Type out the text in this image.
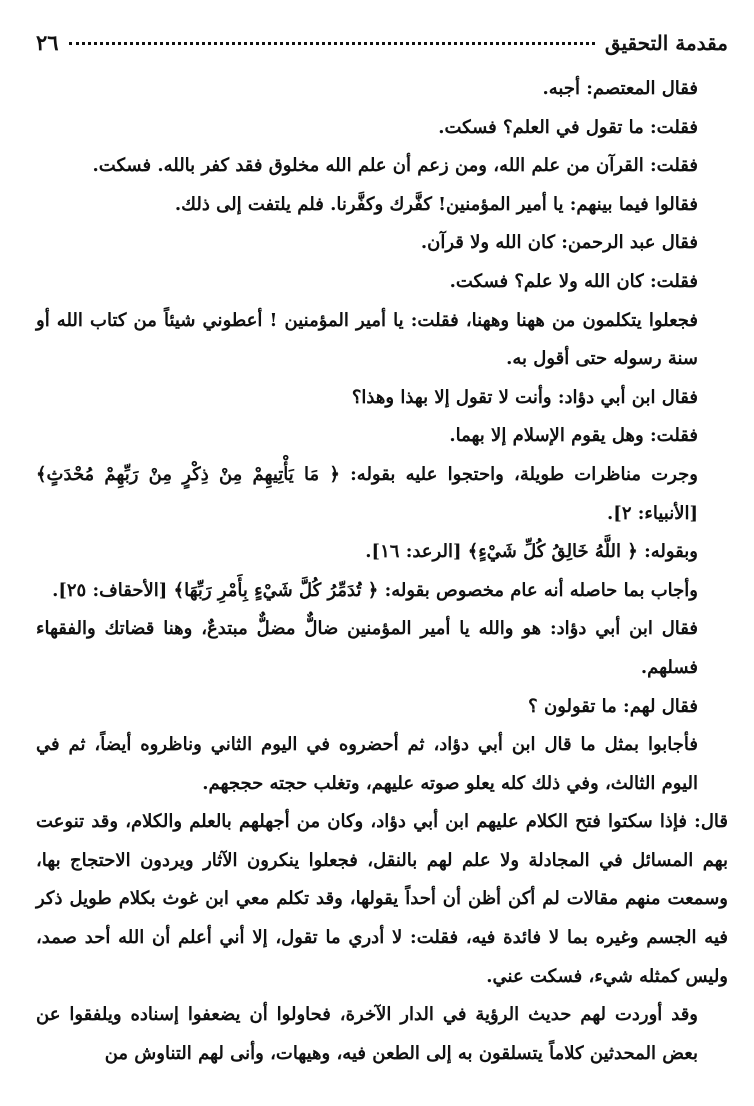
مقدمة التحقيق
٢٦

فقال المعتصم: أجبه.

فقلت: ما تقول في العلم؟ فسكت.

فقلت: القرآن من علم الله، ومن زعم أن علم الله مخلوق فقد كفر بالله. فسكت.

فقالوا فيما بينهم: يا أمير المؤمنين! كفَّرك وكفَّرنا. فلم يلتفت إلى ذلك.

فقال عبد الرحمن: كان الله ولا قرآن.

فقلت: كان الله ولا علم؟ فسكت.

فجعلوا يتكلمون من ههنا وههنا، فقلت: يا أمير المؤمنين ! أعطوني شيئاً من كتاب الله أو سنة رسوله حتى أقول به.

فقال ابن أبي دؤاد: وأنت لا تقول إلا بهذا وهذا؟

فقلت: وهل يقوم الإسلام إلا بهما.

وجرت مناظرات طويلة، واحتجوا عليه بقوله: ﴿ مَا يَأْتِيهِمْ مِنْ ذِكْرٍ مِنْ رَبِّهِمْ مُحْدَثٍ﴾ [الأنبياء: ٢].

وبقوله: ﴿ اللَّهُ خَالِقُ كُلِّ شَيْءٍ﴾ [الرعد: ١٦].

وأجاب بما حاصله أنه عام مخصوص بقوله: ﴿ تُدَمِّرُ كُلَّ شَيْءٍ بِأَمْرِ رَبِّهَا﴾ [الأحقاف: ٢٥].

فقال ابن أبي دؤاد: هو والله يا أمير المؤمنين ضالٌّ مضلٌّ مبتدعٌ، وهنا قضاتك والفقهاء فسلهم.

فقال لهم: ما تقولون ؟

فأجابوا بمثل ما قال ابن أبي دؤاد، ثم أحضروه في اليوم الثاني وناظروه أيضاً، ثم في اليوم الثالث، وفي ذلك كله يعلو صوته عليهم، وتغلب حجته حججهم.

قال: فإذا سكتوا فتح الكلام عليهم ابن أبي دؤاد، وكان من أجهلهم بالعلم والكلام، وقد تنوعت بهم المسائل في المجادلة ولا علم لهم بالنقل، فجعلوا ينكرون الآثار ويردون الاحتجاج بها، وسمعت منهم مقالات لم أكن أظن أن أحداً يقولها، وقد تكلم معي ابن غوث بكلام طويل ذكر فيه الجسم وغيره بما لا فائدة فيه، فقلت: لا أدري ما تقول، إلا أني أعلم أن الله أحد صمد، وليس كمثله شيء، فسكت عني.

وقد أوردت لهم حديث الرؤية في الدار الآخرة، فحاولوا أن يضعفوا إسناده ويلفقوا عن بعض المحدثين كلاماً يتسلقون به إلى الطعن فيه، وهيهات، وأنى لهم التناوش من
